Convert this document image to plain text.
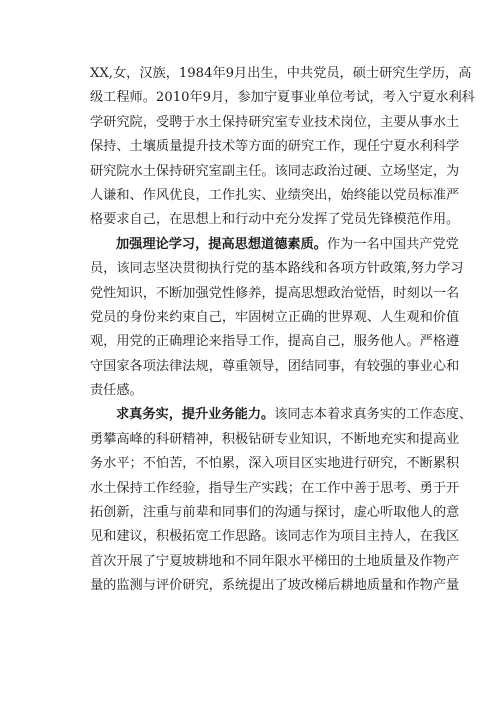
XX,女，汉族，1984年9月出生，中共党员，硕士研究生学历，高
级工程师。2010年9月，参加宁夏事业单位考试，考入宁夏水利科
学研究院，受聘于水土保持研究室专业技术岗位，主要从事水土
保持、土壤质量提升技术等方面的研究工作，现任宁夏水利科学
研究院水土保持研究室副主任。该同志政治过硬、立场坚定，为
人谦和、作风优良，工作扎实、业绩突出，始终能以党员标准严
格要求自己，在思想上和行动中充分发挥了党员先锋模范作用。
加强理论学习，提高思想道德素质。作为一名中国共产党党
员，该同志坚决贯彻执行党的基本路线和各项方针政策,努力学习
党性知识，不断加强党性修养，提高思想政治觉悟，时刻以一名
党员的身份来约束自己，牢固树立正确的世界观、人生观和价值
观，用党的正确理论来指导工作，提高自己，服务他人。严格遵
守国家各项法律法规，尊重领导，团结同事，有较强的事业心和
责任感。
求真务实，提升业务能力。该同志本着求真务实的工作态度、
勇攀高峰的科研精神，积极钻研专业知识，不断地充实和提高业
务水平；不怕苦，不怕累，深入项目区实地进行研究，不断累积
水土保持工作经验，指导生产实践；在工作中善于思考、勇于开
拓创新，注重与前辈和同事们的沟通与探讨，虚心听取他人的意
见和建议，积极拓宽工作思路。该同志作为项目主持人，在我区
首次开展了宁夏坡耕地和不同年限水平梯田的土地质量及作物产
量的监测与评价研究，系统提出了坡改梯后耕地质量和作物产量
